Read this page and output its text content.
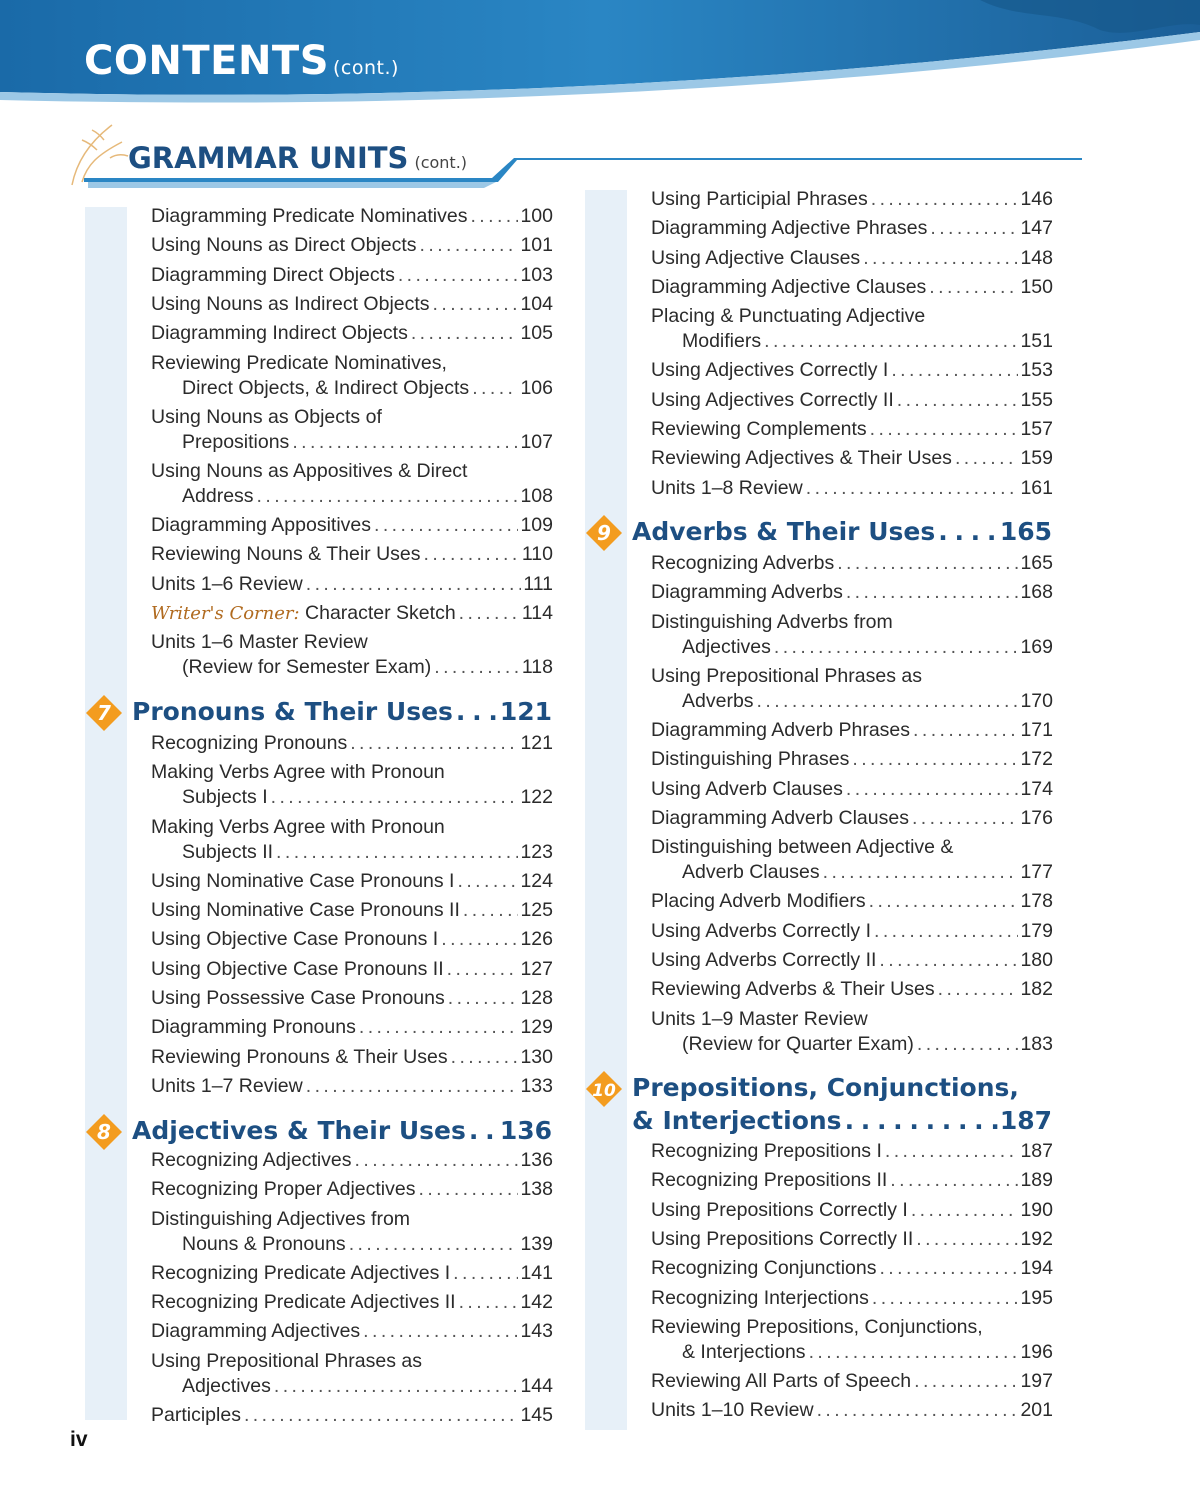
CONTENTS (cont.)
GRAMMAR UNITS (cont.)
Diagramming Predicate Nominatives . . .	100
Using Nouns as Direct Objects . . .	101
Diagramming Direct Objects . . .	103
Using Nouns as Indirect Objects . . .	104
Diagramming Indirect Objects . . .	105
Reviewing Predicate Nominatives,
Direct Objects, & Indirect Objects . . .	106
Using Nouns as Objects of
Prepositions . . .	107
Using Nouns as Appositives & Direct
Address . . .	108
Diagramming Appositives . . .	109
Reviewing Nouns & Their Uses . . .	110
Units 1–6 Review . . .	111
Writer's Corner:
Character Sketch . . .	114
Units 1–6 Master Review
(Review for Semester Exam) . . .	118
7 Pronouns & Their Uses . . . 121
Recognizing Pronouns . . .	121
Making Verbs Agree with Pronoun
Subjects I . . .	122
Making Verbs Agree with Pronoun
Subjects II . . .	123
Using Nominative Case Pronouns I . . .	124
Using Nominative Case Pronouns II . . .	125
Using Objective Case Pronouns I . . .	126
Using Objective Case Pronouns II . . .	127
Using Possessive Case Pronouns . . .	128
Diagramming Pronouns . . .	129
Reviewing Pronouns & Their Uses . . .	130
Units 1–7 Review . . .	133
8 Adjectives & Their Uses . . . 136
Recognizing Adjectives . . .	136
Recognizing Proper Adjectives . . .	138
Distinguishing Adjectives from
Nouns & Pronouns . . .	139
Recognizing Predicate Adjectives I . . .	141
Recognizing Predicate Adjectives II . . .	142
Diagramming Adjectives . . .	143
Using Prepositional Phrases as
Adjectives . . .	144
Participles . . .	145
Using Participial Phrases . . .	146
Diagramming Adjective Phrases . . .	147
Using Adjective Clauses . . .	148
Diagramming Adjective Clauses . . .	150
Placing & Punctuating Adjective
Modifiers . . .	151
Using Adjectives Correctly I . . .	153
Using Adjectives Correctly II . . .	155
Reviewing Complements . . .	157
Reviewing Adjectives & Their Uses . . .	159
Units 1–8 Review . . .	161
9 Adverbs & Their Uses . . .	165
Recognizing Adverbs . . .	165
Diagramming Adverbs . . .	168
Distinguishing Adverbs from
Adjectives . . .	169
Using Prepositional Phrases as
Adverbs . . .	170
Diagramming Adverb Phrases . . .	171
Distinguishing Phrases . . .	172
Using Adverb Clauses . . .	174
Diagramming Adverb Clauses . . .	176
Distinguishing between Adjective &
Adverb Clauses . . .	177
Placing Adverb Modifiers . . .	178
Using Adverbs Correctly I . . .	179
Using Adverbs Correctly II . . .	180
Reviewing Adverbs & Their Uses . . .	182
Units 1–9 Master Review
(Review for Quarter Exam) . . .	183
10 Prepositions, Conjunctions,
& Interjections . . .	187
Recognizing Prepositions I . . .	187
Recognizing Prepositions II . . .	189
Using Prepositions Correctly I . . .	190
Using Prepositions Correctly II . . .	192
Recognizing Conjunctions . . .	194
Recognizing Interjections . . .	195
Reviewing Prepositions, Conjunctions,
& Interjections . . .	196
Reviewing All Parts of Speech . . .	197
Units 1–10 Review . . .	201
iv
